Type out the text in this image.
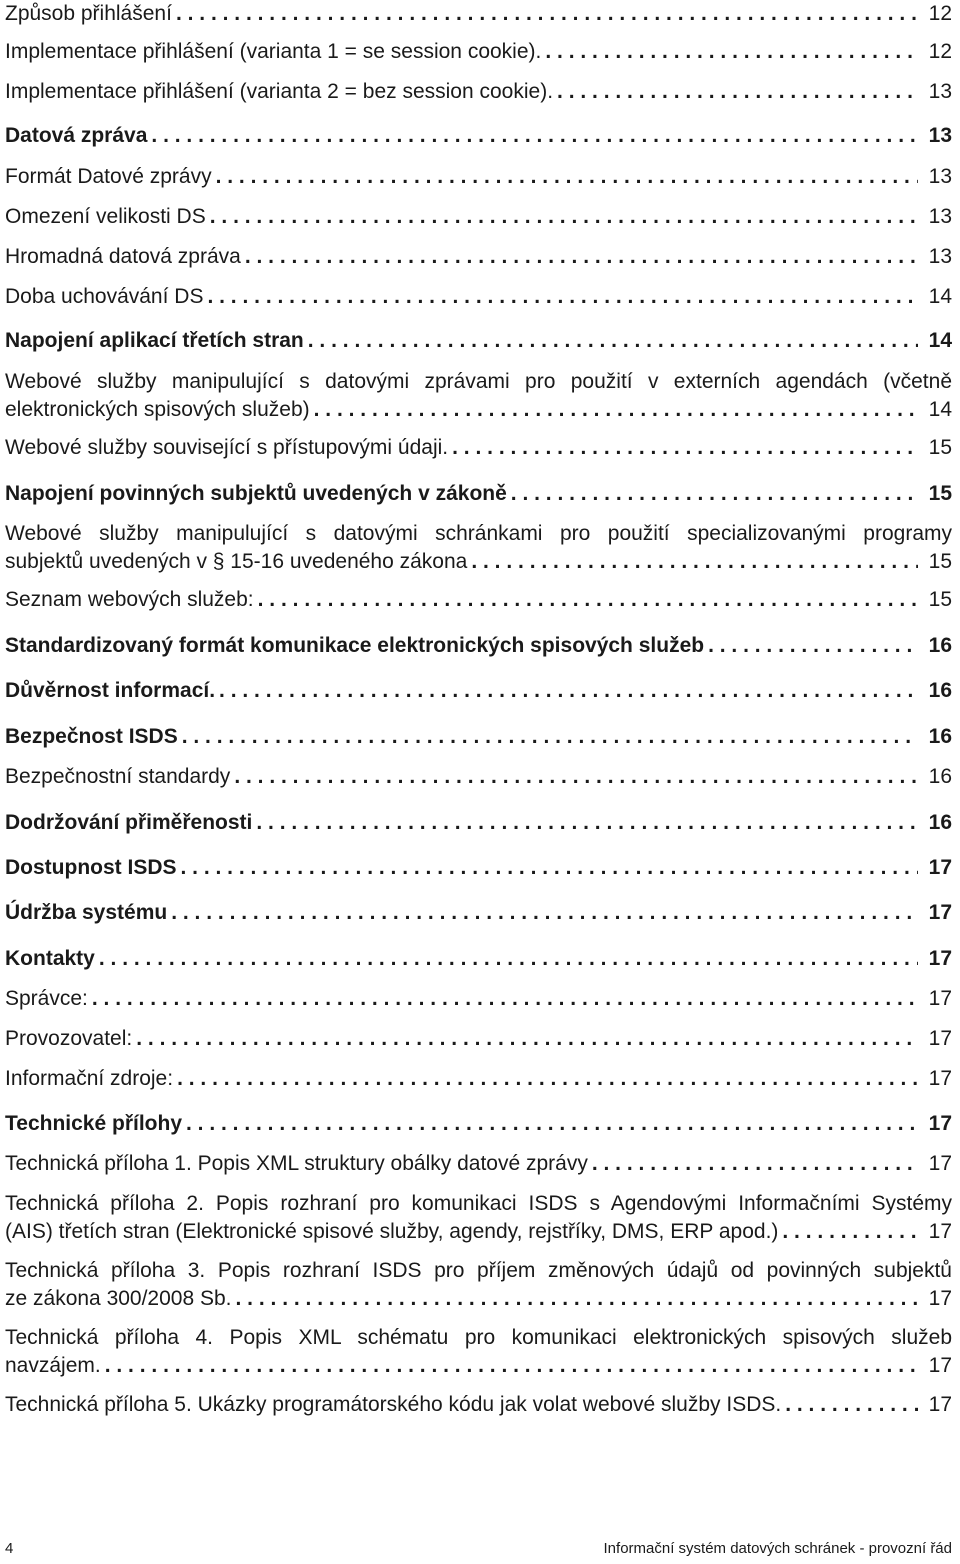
Způsob přihlášení . . .	12
Implementace přihlášení (varianta 1 = se session cookie). . . .	12
Implementace přihlášení (varianta 2 = bez session cookie). . . .	13
Datová zpráva . . .	13
Formát Datové zprávy . . .	13
Omezení velikosti DS . . .	13
Hromadná datová zpráva . . .	13
Doba uchovávání DS . . .	14
Napojení aplikací třetích stran . . .	14
Webové služby manipulující s datovými zprávami pro použití v externích agendách (včetně
elektronických spisových služeb) . . .	14
Webové služby související s přístupovými údaji. . . .	15
Napojení povinných subjektů uvedených v zákoně . . .	15
Webové služby manipulující s datovými schránkami pro použití specializovanými programy
subjektů uvedených v § 15-16 uvedeného zákona . . .	15
Seznam webových služeb: . . .	15
Standardizovaný formát komunikace elektronických spisových služeb . . .	16
Důvěrnost informací. . . .	16
Bezpečnost ISDS . . .	16
Bezpečnostní standardy . . .	16
Dodržování přiměřenosti . . .	16
Dostupnost ISDS . . .	17
Údržba systému . . .	17
Kontakty . . .	17
Správce: . . .	17
Provozovatel: . . .	17
Informační zdroje: . . .	17
Technické přílohy . . .	17
Technická příloha 1. Popis XML struktury obálky datové zprávy . . .	17
Technická příloha 2. Popis rozhraní pro komunikaci ISDS s Agendovými Informačními Systémy
(AIS) třetích stran (Elektronické spisové služby, agendy, rejstříky, DMS, ERP apod.) . . .	17
Technická příloha 3. Popis rozhraní ISDS pro příjem změnových údajů od povinných subjektů
ze zákona 300/2008 Sb. . . .	17
Technická příloha 4. Popis XML schématu pro komunikaci elektronických spisových služeb
navzájem. . . .	17
Technická příloha 5. Ukázky programátorského kódu jak volat webové služby ISDS. . . .	17
4	Informační systém datových schránek - provozní řád
